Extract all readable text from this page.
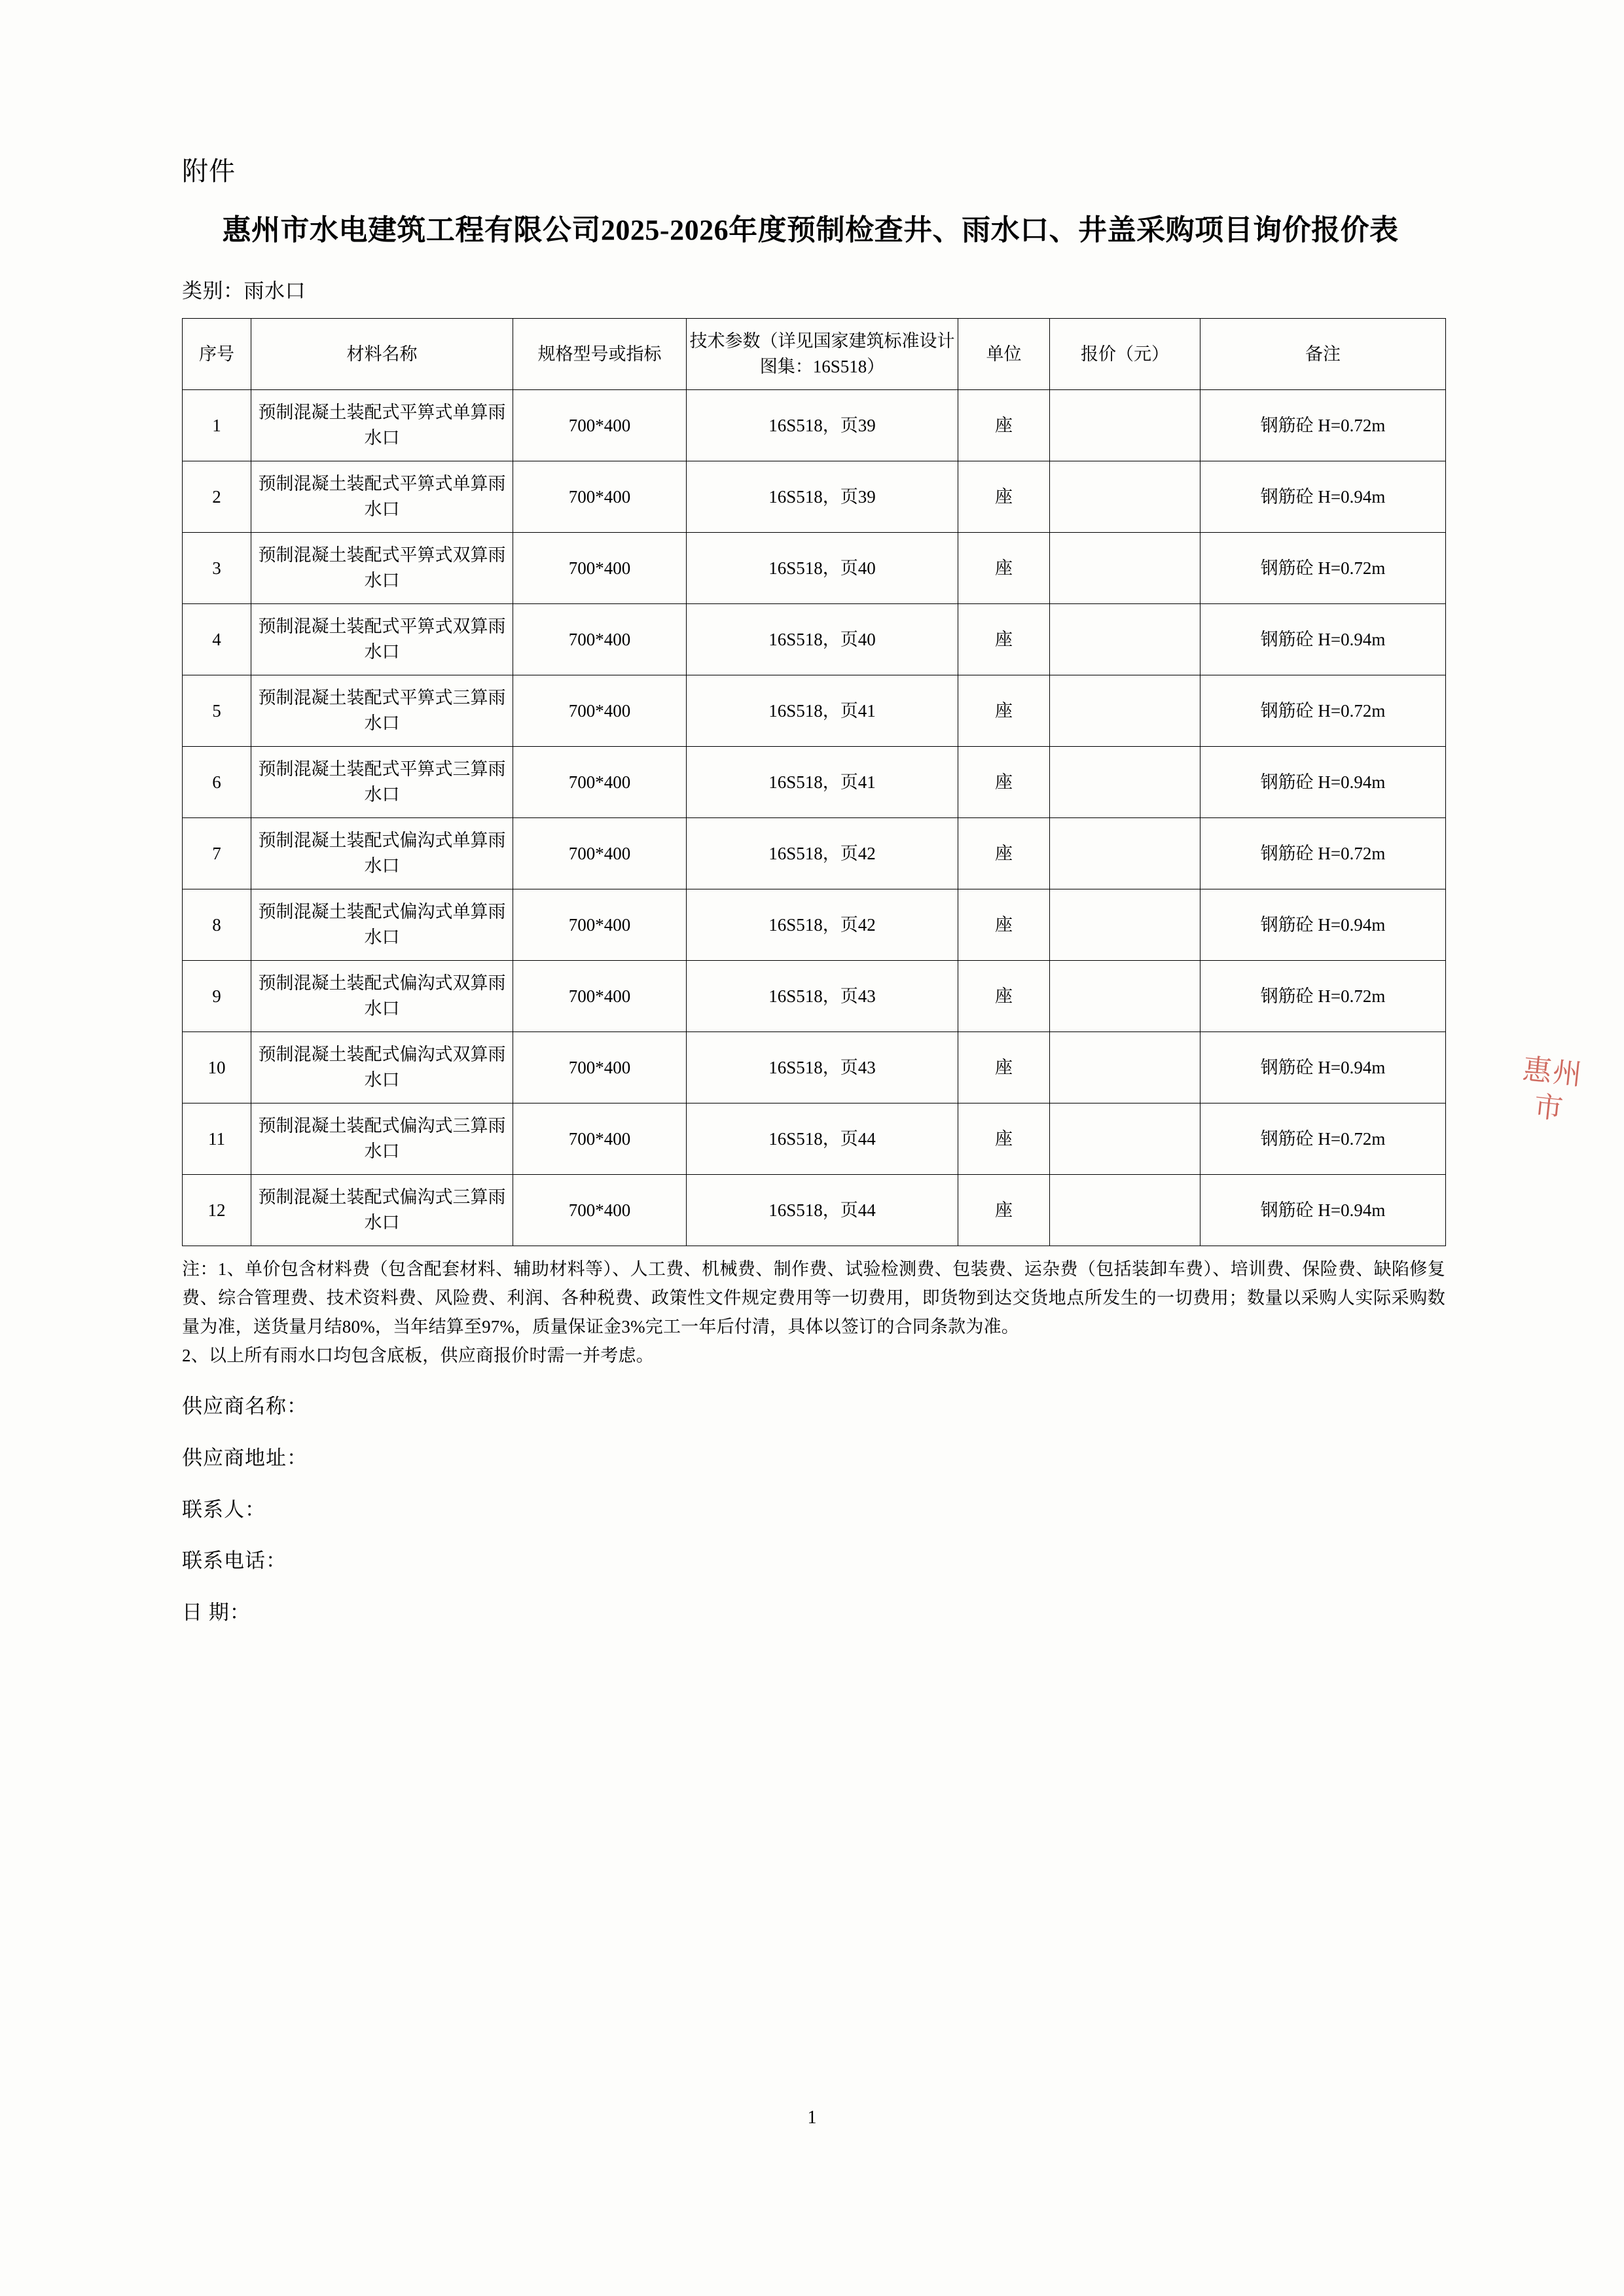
附件
惠州市水电建筑工程有限公司2025-2026年度预制检查井、雨水口、井盖采购项目询价报价表
类别：雨水口
序号	材料名称	规格型号或指标	技术参数（详见国家建筑标准设计图集：16S518）	单位	报价（元）	备注
1	预制混凝土装配式平箅式单算雨水口	700*400	16S518，页39	座		钢筋砼 H=0.72m
2	预制混凝土装配式平箅式单算雨水口	700*400	16S518，页39	座		钢筋砼 H=0.94m
3	预制混凝土装配式平箅式双算雨水口	700*400	16S518，页40	座		钢筋砼 H=0.72m
4	预制混凝土装配式平箅式双算雨水口	700*400	16S518，页40	座		钢筋砼 H=0.94m
5	预制混凝土装配式平箅式三算雨水口	700*400	16S518，页41	座		钢筋砼 H=0.72m
6	预制混凝土装配式平箅式三算雨水口	700*400	16S518，页41	座		钢筋砼 H=0.94m
7	预制混凝土装配式偏沟式单算雨水口	700*400	16S518，页42	座		钢筋砼 H=0.72m
8	预制混凝土装配式偏沟式单算雨水口	700*400	16S518，页42	座		钢筋砼 H=0.94m
9	预制混凝土装配式偏沟式双算雨水口	700*400	16S518，页43	座		钢筋砼 H=0.72m
10	预制混凝土装配式偏沟式双算雨水口	700*400	16S518，页43	座		钢筋砼 H=0.94m
11	预制混凝土装配式偏沟式三算雨水口	700*400	16S518，页44	座		钢筋砼 H=0.72m
12	预制混凝土装配式偏沟式三算雨水口	700*400	16S518，页44	座		钢筋砼 H=0.94m

注：1、单价包含材料费（包含配套材料、辅助材料等）、人工费、机械费、制作费、试验检测费、包装费、运杂费（包括装卸车费）、培训费、保险费、缺陷修复费、综合管理费、技术资料费、风险费、利润、各种税费、政策性文件规定费用等一切费用，即货物到达交货地点所发生的一切费用；数量以采购人实际采购数量为准，送货量月结80%，当年结算至97%，质量保证金3%完工一年后付清，具体以签订的合同条款为准。

2、以上所有雨水口均包含底板，供应商报价时需一并考虑。

供应商名称：
供应商地址：
联系人：
联系电话：
日 期：
惠州市
1
